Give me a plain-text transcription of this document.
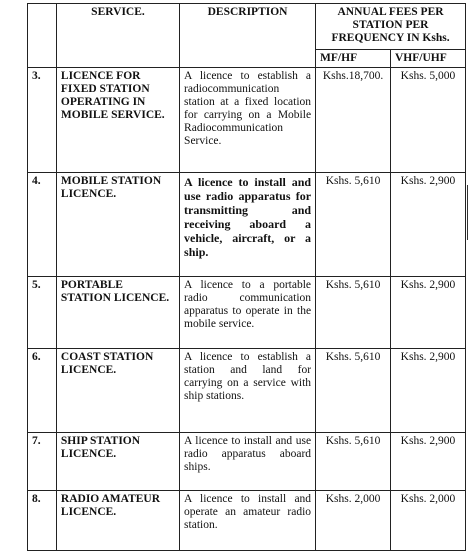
	SERVICE.	DESCRIPTION	ANNUAL FEES PER STATION PER FREQUENCY IN Kshs.	
			MF/HF	VHF/UHF
3.	LICENCE FOR FIXED STATION OPERATING IN MOBILE SERVICE.	A licence to establish a radiocommunication station at a fixed location for carrying on a Mobile Radiocommunication Service.	Kshs.18,700.	Kshs. 5,000
4.	MOBILE STATION LICENCE.	A licence to install and use radio apparatus for transmitting and receiving aboard a vehicle, aircraft, or a ship.	Kshs. 5,610	Kshs. 2,900
5.	PORTABLE STATION LICENCE.	A licence to a portable radio communication apparatus to operate in the mobile service.	Kshs. 5,610	Kshs. 2,900
6.	COAST STATION LICENCE.	A licence to establish a station and land for carrying on a service with ship stations.	Kshs. 5,610	Kshs. 2,900
7.	SHIP STATION LICENCE.	A licence to install and use radio apparatus aboard ships.	Kshs. 5,610	Kshs. 2,900
8.	RADIO AMATEUR LICENCE.	A licence to install and operate an amateur radio station.	Kshs. 2,000	Kshs. 2,000
